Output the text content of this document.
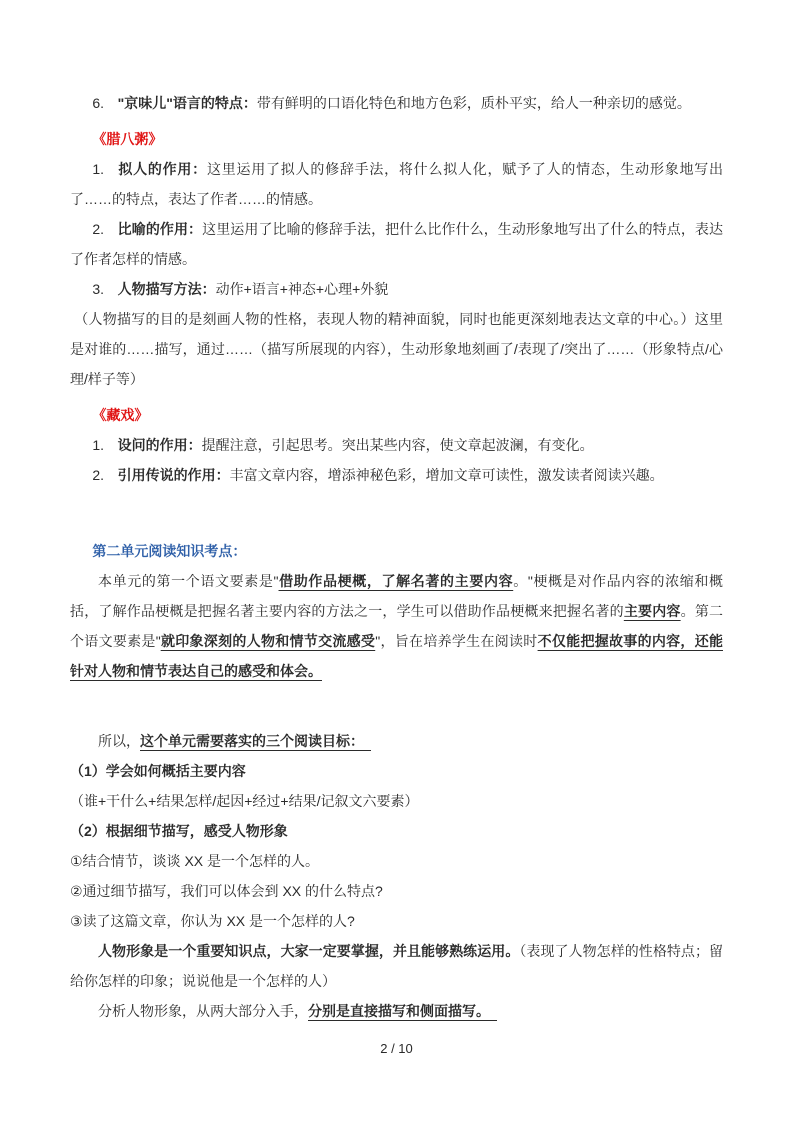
6. "京味儿"语言的特点：带有鲜明的口语化特色和地方色彩，质朴平实，给人一种亲切的感觉。
《腊八粥》
1. 拟人的作用：这里运用了拟人的修辞手法，将什么拟人化，赋予了人的情态，生动形象地写出了……的特点，表达了作者……的情感。
2. 比喻的作用：这里运用了比喻的修辞手法，把什么比作什么，生动形象地写出了什么的特点，表达了作者怎样的情感。
3. 人物描写方法：动作+语言+神态+心理+外貌
（人物描写的目的是刻画人物的性格，表现人物的精神面貌，同时也能更深刻地表达文章的中心。）这里是对谁的……描写，通过……（描写所展现的内容），生动形象地刻画了/表现了/突出了……（形象特点/心理/样子等）
《藏戏》
1. 设问的作用：提醒注意，引起思考。突出某些内容，使文章起波澜，有变化。
2. 引用传说的作用：丰富文章内容，增添神秘色彩，增加文章可读性，激发读者阅读兴趣。
第二单元阅读知识考点：
本单元的第一个语文要素是"借助作品梗概，了解名著的主要内容。"梗概是对作品内容的浓缩和概括，了解作品梗概是把握名著主要内容的方法之一，学生可以借助作品梗概来把握名著的主要内容。第二个语文要素是"就印象深刻的人物和情节交流感受"，旨在培养学生在阅读时不仅能把握故事的内容，还能针对人物和情节表达自己的感受和体会。
所以，这个单元需要落实的三个阅读目标：　
（1）学会如何概括主要内容
（谁+干什么+结果怎样/起因+经过+结果/记叙文六要素）
（2）根据细节描写，感受人物形象
①结合情节，谈谈 XX 是一个怎样的人。
②通过细节描写，我们可以体会到 XX 的什么特点?
③读了这篇文章，你认为 XX 是一个怎样的人?
人物形象是一个重要知识点，大家一定要掌握，并且能够熟练运用。（表现了人物怎样的性格特点；留给你怎样的印象；说说他是一个怎样的人）
分析人物形象，从两大部分入手，分别是直接描写和侧面描写。　
2 / 10
